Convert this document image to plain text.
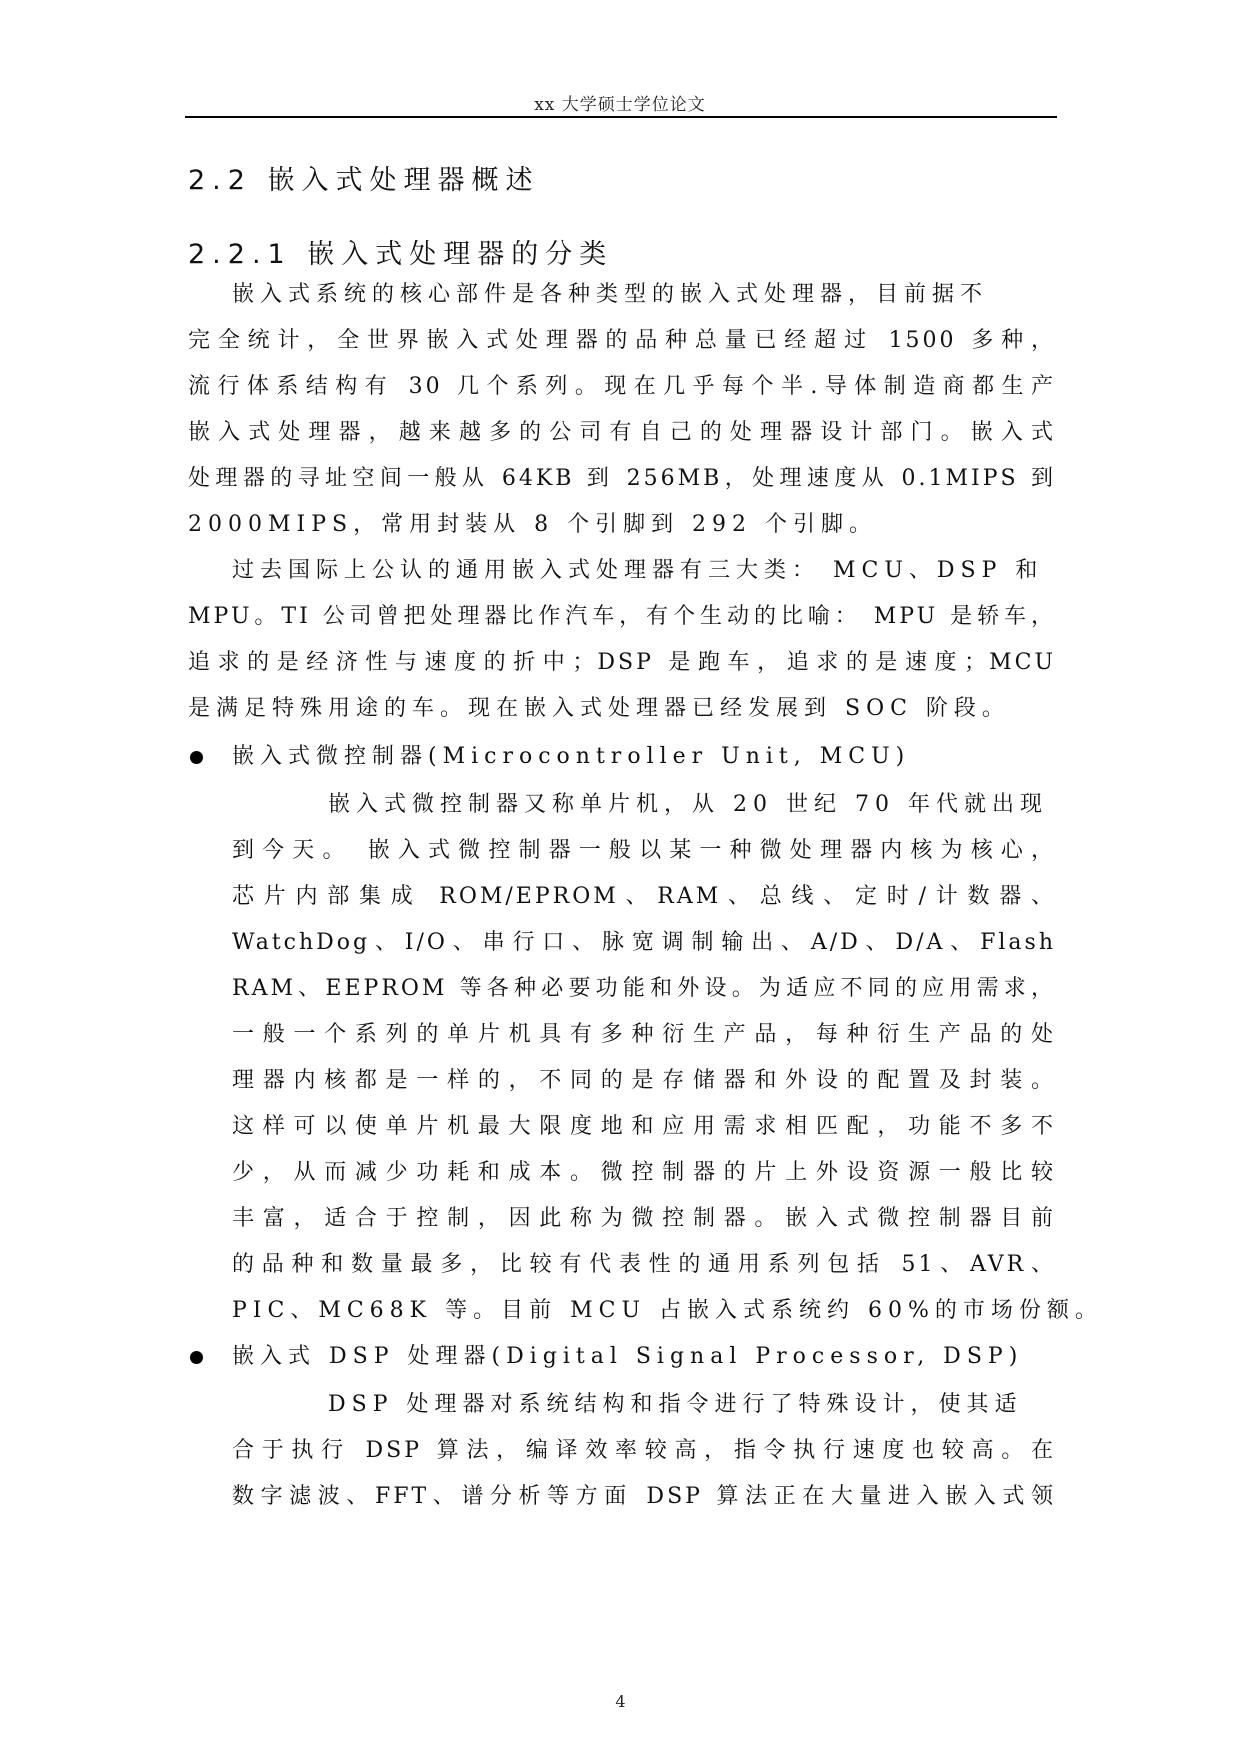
xx 大学硕士学位论文
2.2 嵌入式处理器概述
2.2.1 嵌入式处理器的分类
嵌入式系统的核心部件是各种类型的嵌入式处理器，目前据不
完全统计，全世界嵌入式处理器的品种总量已经超过 1500 多种，
流行体系结构有 30 几个系列。现在几乎每个半.导体制造商都生产
嵌入式处理器，越来越多的公司有自己的处理器设计部门。嵌入式
处理器的寻址空间一般从 64KB 到 256MB，处理速度从 0.1MIPS 到
2000MIPS，常用封装从 8 个引脚到 292 个引脚。
过去国际上公认的通用嵌入式处理器有三大类： MCU、DSP 和
MPU。TI 公司曾把处理器比作汽车，有个生动的比喻： MPU 是轿车，
追求的是经济性与速度的折中；DSP 是跑车，追求的是速度；MCU
是满足特殊用途的车。现在嵌入式处理器已经发展到 SOC 阶段。
嵌入式微控制器(Microcontroller Unit, MCU)
嵌入式微控制器又称单片机，从 20 世纪 70 年代就出现
到今天。 嵌入式微控制器一般以某一种微处理器内核为核心，
芯片内部集成 ROM/EPROM、RAM、总线、定时/计数器、
WatchDog、I/O、串行口、脉宽调制输出、A/D、D/A、Flash
RAM、EEPROM 等各种必要功能和外设。为适应不同的应用需求，
一般一个系列的单片机具有多种衍生产品，每种衍生产品的处
理器内核都是一样的，不同的是存储器和外设的配置及封装。
这样可以使单片机最大限度地和应用需求相匹配，功能不多不
少，从而减少功耗和成本。微控制器的片上外设资源一般比较
丰富，适合于控制，因此称为微控制器。嵌入式微控制器目前
的品种和数量最多，比较有代表性的通用系列包括 51、AVR、
PIC、MC68K 等。目前 MCU 占嵌入式系统约 60%的市场份额。
嵌入式 DSP 处理器(Digital Signal Processor, DSP)
DSP 处理器对系统结构和指令进行了特殊设计，使其适
合于执行 DSP 算法，编译效率较高，指令执行速度也较高。在
数字滤波、FFT、谱分析等方面 DSP 算法正在大量进入嵌入式领
4
